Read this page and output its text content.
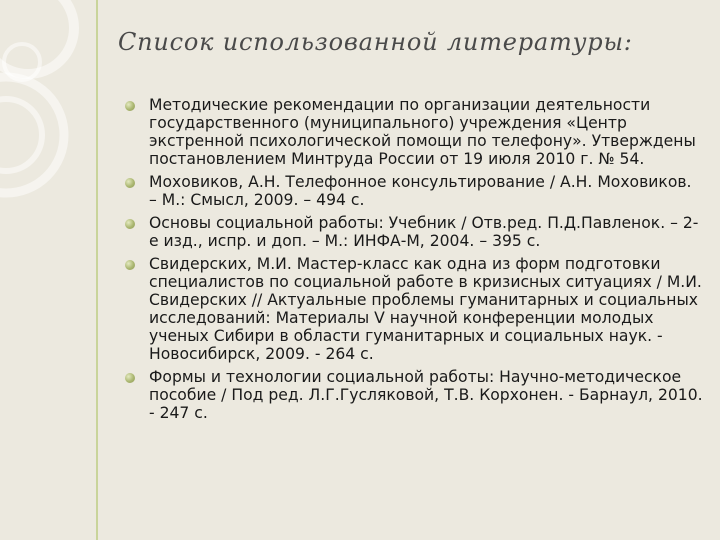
Список использованной литературы:
Методические рекомендации по организации деятельности государственного (муниципального) учреждения «Центр экстренной психологической помощи по телефону». Утверждены постановлением Минтруда России от 19 июля 2010 г. № 54.
Моховиков, А.Н. Телефонное консультирование / А.Н. Моховиков. – М.: Смысл, 2009. – 494 с.
Основы социальной работы: Учебник / Отв.ред. П.Д.Павленок. – 2-е изд., испр. и доп. – М.: ИНФА-М, 2004. – 395 с.
Свидерских, М.И. Мастер-класс как одна из форм подготовки специалистов по социальной работе в кризисных ситуациях / М.И. Свидерских // Актуальные проблемы гуманитарных и социальных исследований: Материалы V научной конференции молодых ученых Сибири в области гуманитарных и социальных наук. - Новосибирск, 2009. - 264 с.
Формы и технологии социальной работы: Научно-методическое пособие / Под ред. Л.Г.Гусляковой, Т.В. Корхонен. - Барнаул, 2010. - 247 с.
